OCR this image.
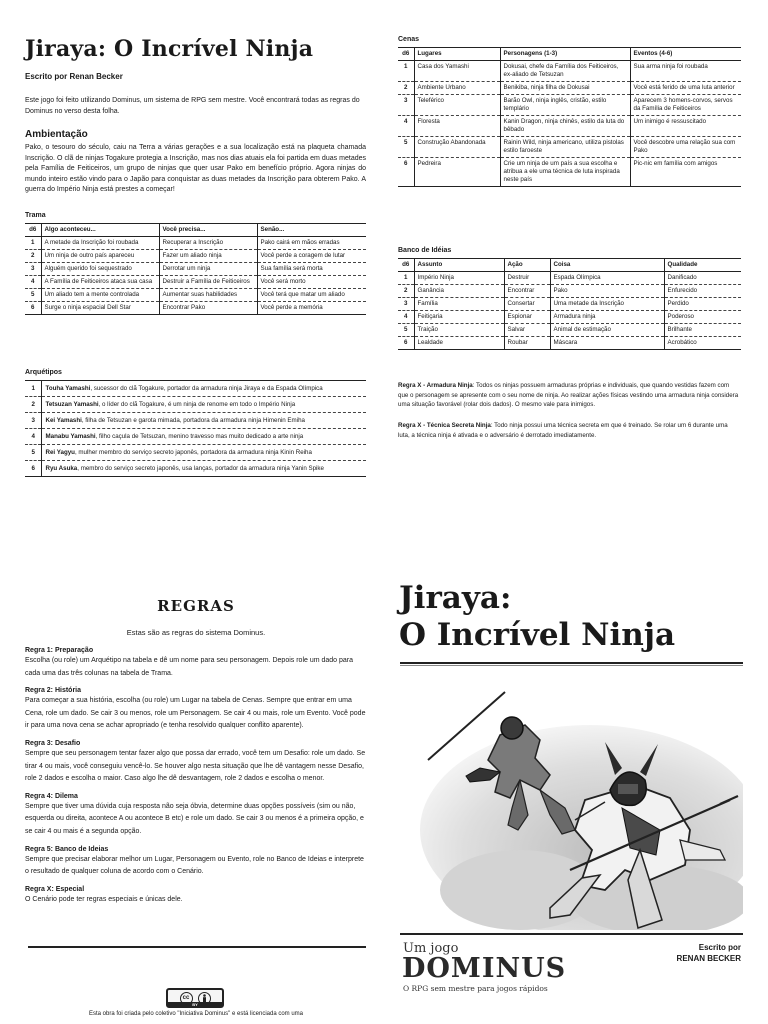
Jiraya: O Incrível Ninja
Escrito por Renan Becker
Este jogo foi feito utilizando Dominus, um sistema de RPG sem mestre. Você encontrará todas as regras do Dominus no verso desta folha.
Ambientação
Pako, o tesouro do século, caiu na Terra a várias gerações e a sua localização está na plaqueta chamada Inscrição. O clã de ninjas Togakure protegia a Inscrição, mas nos dias atuais ela foi partida em duas metades pela Família de Feiticeiros, um grupo de ninjas que quer usar Pako em benefício próprio. Agora ninjas do mundo inteiro estão vindo para o Japão para conquistar as duas metades da Inscrição para obterem Pako. A guerra do Império Ninja está prestes a começar!
Trama
d6	Algo aconteceu...	Você precisa...	Senão...
1	A metade da Inscrição foi roubada	Recuperar a Inscrição	Pako cairá em mãos erradas
2	Um ninja de outro país apareceu	Fazer um aliado ninja	Você perde a coragem de lutar
3	Alguém querido foi sequestrado	Derrotar um ninja	Sua família será morta
4	A Família de Feiticeiros ataca sua casa	Destruir a Família de Feiticeiros	Você será morto
5	Um aliado tem a mente controlada	Aumentar suas habilidades	Você terá que matar um aliado
6	Surge o ninja espacial Dell Star	Encontrar Pako	Você perde a memória
Arquétipos
1	Touha Yamashi, sucessor do clã Togakure, portador da armadura ninja Jiraya e da Espada Olímpica
2	Tetsuzan Yamashi, o líder do clã Togakure, é um ninja de renome em todo o Império Ninja
3	Kei Yamashi, filha de Tetsuzan e garota mimada, portadora da armadura ninja Himenin Emiha
4	Manabu Yamashi, filho caçula de Tetsuzan, menino travesso mas muito dedicado a arte ninja
5	Rei Yagyu, mulher membro do serviço secreto japonês, portadora da armadura ninja Kinin Reiha
6	Ryu Asuka, membro do serviço secreto japonês, usa lanças, portador da armadura ninja Yanin Spike
Cenas
d6	Lugares	Personagens (1-3)	Eventos (4-6)
1	Casa dos Yamashi	Dokusai, chefe da Família dos Feiticeiros, ex-aliado de Tetsuzan	Sua arma ninja foi roubada
2	Ambiente Urbano	Benikiba, ninja filha de Dokusai	Você está ferido de uma luta anterior
3	Teleférico	Barão Owl, ninja inglês, cristão, estilo templário	Aparecem 3 homens-corvos, servos da Família de Feiticeiros
4	Floresta	Kanin Dragon, ninja chinês, estilo da luta do bêbado	Um inimigo é ressuscitado
5	Construção Abandonada	Rainin Wild, ninja americano, utiliza pistolas estilo faroeste	Você descobre uma relação sua com Pako
6	Pedreira	Crie um ninja de um país a sua escolha e atribua a ele uma técnica de luta inspirada neste país	Pic-nic em família com amigos
Banco de Idéias
d6	Assunto	Ação	Coisa	Qualidade
1	Império Ninja	Destruir	Espada Olímpica	Danificado
2	Ganância	Encontrar	Pako	Enfurecido
3	Família	Consertar	Uma metade da Inscrição	Perdido
4	Feitiçaria	Espionar	Armadura ninja	Poderoso
5	Traição	Salvar	Animal de estimação	Brilhante
6	Lealdade	Roubar	Máscara	Acrobático
Regra X - Armadura Ninja: Todos os ninjas possuem armaduras próprias e individuais, que quando vestidas fazem com que o personagem se apresente com o seu nome de ninja. Ao realizar ações físicas vestindo uma armadura ninja considera uma situação favorável (rolar dois dados). O mesmo vale para inimigos.
Regra X - Técnica Secreta Ninja: Todo ninja possui uma técnica secreta em que é treinado. Se rolar um 6 durante uma luta, a técnica ninja é ativada e o adversário é derrotado imediatamente.
REGRAS
Estas são as regras do sistema Dominus.
Regra 1: Preparação
Escolha (ou role) um Arquétipo na tabela e dê um nome para seu personagem. Depois role um dado para cada uma das três colunas na tabela de Trama.
Regra 2: História
Para começar a sua história, escolha (ou role) um Lugar na tabela de Cenas. Sempre que entrar em uma Cena, role um dado. Se cair 3 ou menos, role um Personagem. Se cair 4 ou mais, role um Evento. Você pode ir para uma nova cena se achar apropriado (e tenha resolvido qualquer conflito aparente).
Regra 3: Desafio
Sempre que seu personagem tentar fazer algo que possa dar errado, você tem um Desafio: role um dado. Se tirar 4 ou mais, você conseguiu vencê-lo. Se houver algo nesta situação que lhe dê vantagem nesse Desafio, role 2 dados e escolha o maior. Caso algo lhe dê desvantagem, role 2 dados e escolha o menor.
Regra 4: Dilema
Sempre que tiver uma dúvida cuja resposta não seja óbvia, determine duas opções possíveis (sim ou não, esquerda ou direita, acontece A ou acontece B etc) e role um dado. Se cair 3 ou menos é a primeira opção, e se cair 4 ou mais é a segunda opção.
Regra 5: Banco de Ideias
Sempre que precisar elaborar melhor um Lugar, Personagem ou Evento, role no Banco de Ideias e interprete o resultado de qualquer coluna de acordo com o Cenário.
Regra X: Especial
O Cenário pode ter regras especiais e únicas dele.
cc
BY
Esta obra foi criada pelo coletivo "Iniciativa Dominus" e está licenciada com uma
Jiraya:
O Incrível Ninja
Um jogo
DOMINUS
O RPG sem mestre para jogos rápidos
Escrito por
RENAN BECKER
